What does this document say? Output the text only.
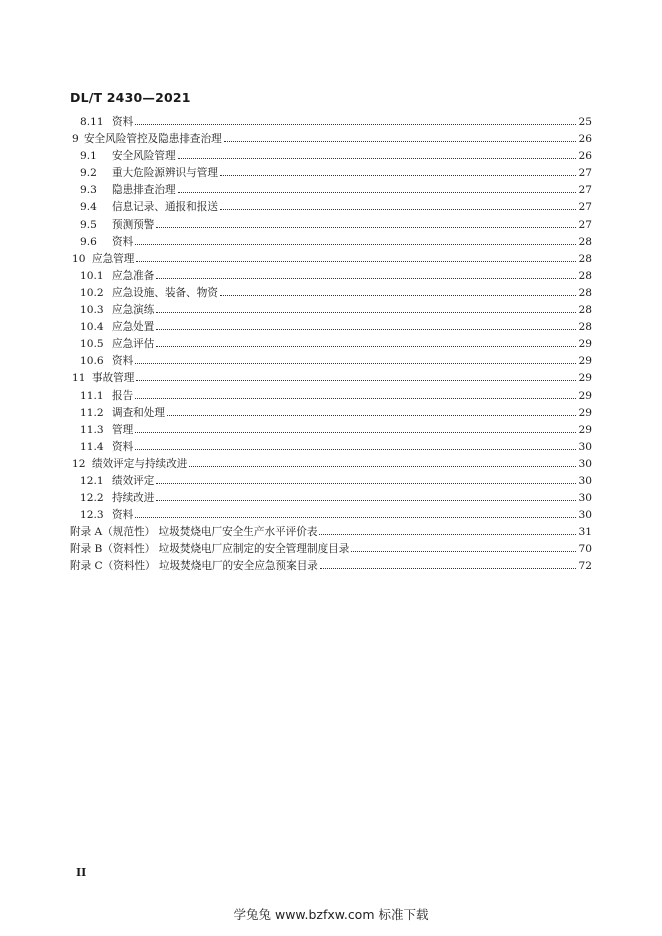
DL/T 2430—2021
8.11 资料	25
9 安全风险管控及隐患排查治理	26
9.1	安全风险管理	26
9.2	重大危险源辨识与管理	27
9.3	隐患排查治理	27
9.4	信息记录、通报和报送	27
9.5	预测预警	27
9.6	资料	28
10 应急管理	28
10.1 应急准备	28
10.2 应急设施、装备、物资	28
10.3 应急演练	28
10.4 应急处置	28
10.5 应急评估	29
10.6 资料	29
11 事故管理	29
11.1 报告	29
11.2 调查和处理	29
11.3 管理	29
11.4 资料	30
12 绩效评定与持续改进	30
12.1 绩效评定	30
12.2 持续改进	30
12.3 资料	30
附录 A（规范性） 垃圾焚烧电厂安全生产水平评价表	31
附录 B（资料性） 垃圾焚烧电厂应制定的安全管理制度目录	70
附录 C（资料性） 垃圾焚烧电厂的安全应急预案目录	72
II
学兔兔 www.bzfxw.com 标准下载
